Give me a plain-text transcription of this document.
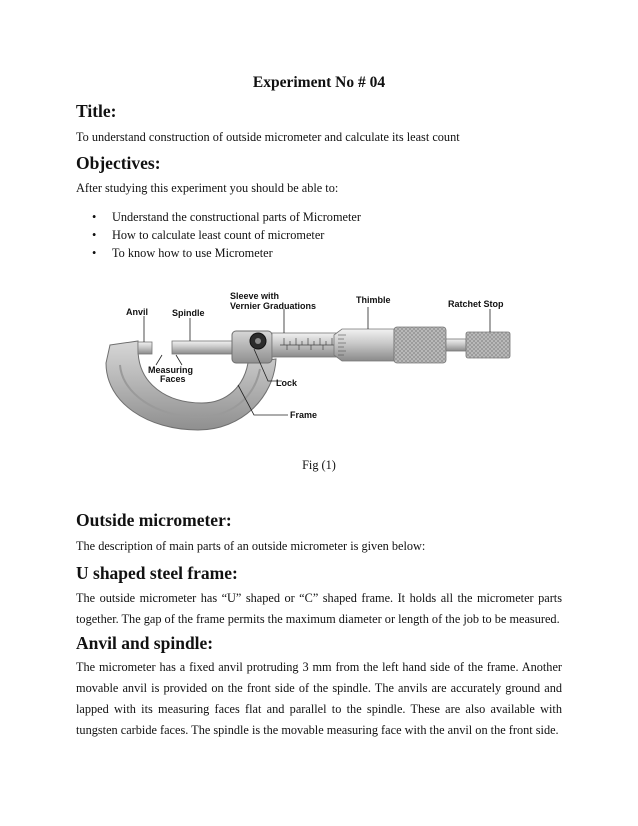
Experiment No # 04
Title:
To understand construction of outside micrometer and calculate its least count
Objectives:
After studying this experiment you should be able to:
• Understand the constructional parts of Micrometer
• How to calculate least count of micrometer
• To know how to use Micrometer
Anvil	Spindle
Sleeve with
Vernier Graduations
Thimble	Ratchet Stop
Measuring
Faces	Lock
Frame
Fig (1)
Outside micrometer:
The description of main parts of an outside micrometer is given below:
U shaped steel frame:
The outside micrometer has “U” shaped or “C” shaped frame. It holds all the micrometer parts together. The gap of the frame permits the maximum diameter or length of the job to be measured.
Anvil and spindle:
The micrometer has a fixed anvil protruding 3 mm from the left hand side of the frame. Another movable anvil is provided on the front side of the spindle. The anvils are accurately ground and lapped with its measuring faces flat and parallel to the spindle. These are also available with tungsten carbide faces. The spindle is the movable measuring face with the anvil on the front side.
